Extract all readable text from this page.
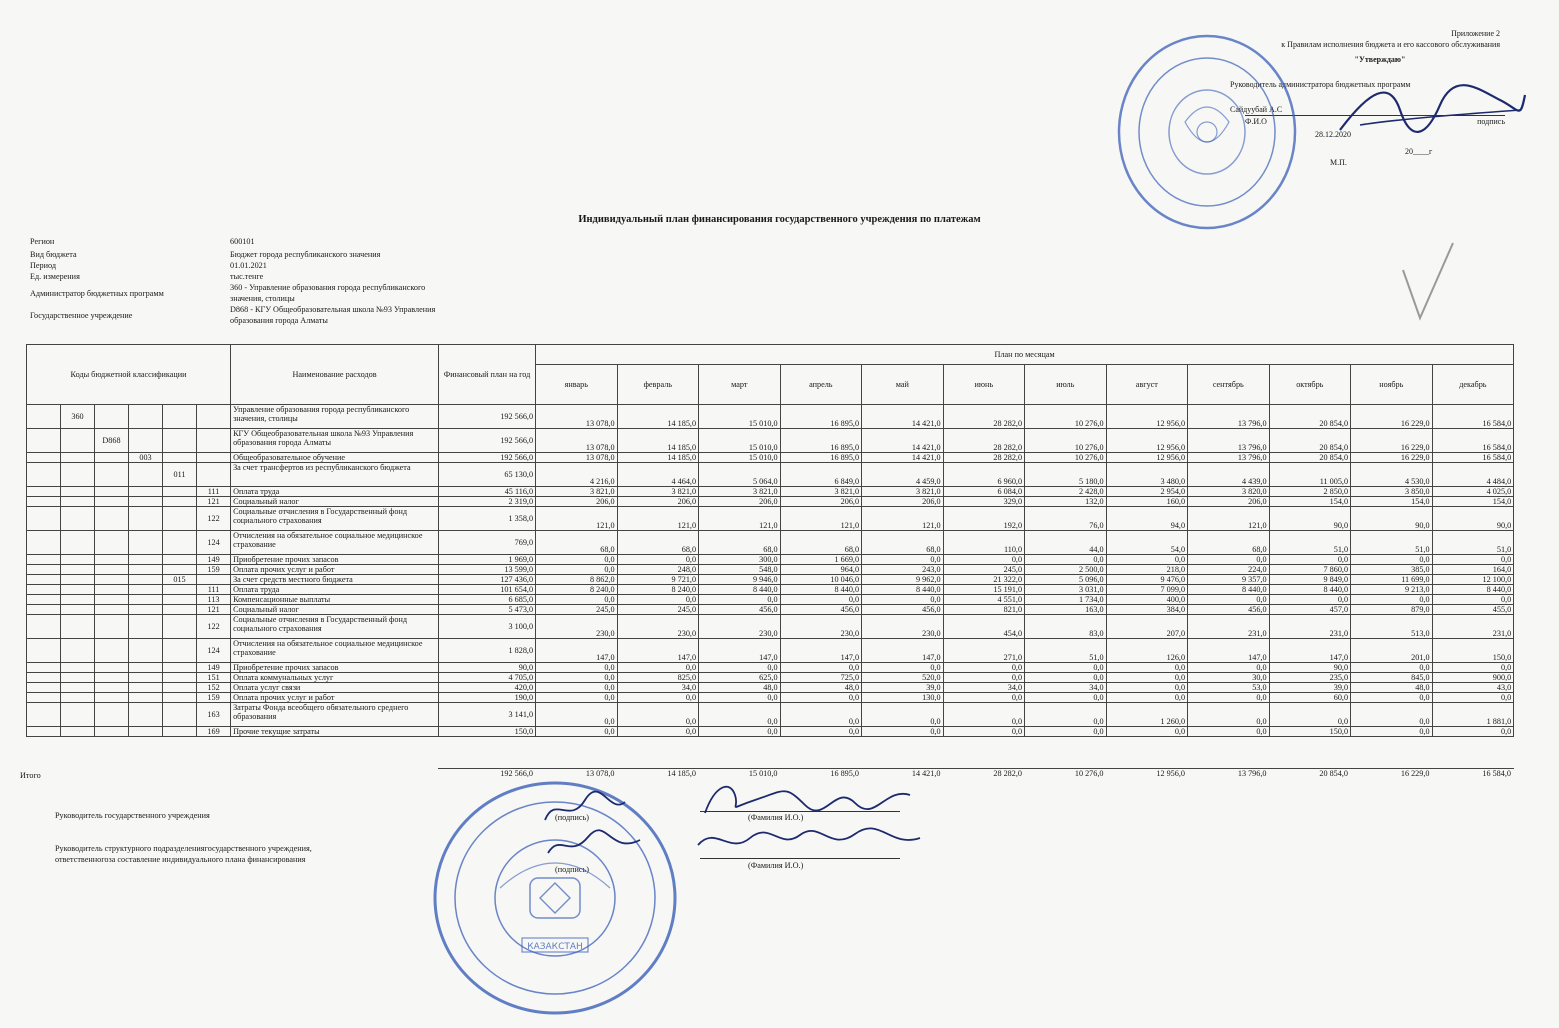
Приложение 2
к Правилам исполнения бюджета и его кассового обслуживания
"Утверждаю"
Руководитель администратора бюджетных программ
Сайдуубай А.С
Ф.И.О	подпись
28.12.2020
20____г
М.П.
Индивидуальный план финансирования государственного учреждения по платежам
Регион	600101
Вид бюджета	Бюджет города республиканского значения
Период	01.01.2021
Ед. измерения	тыс.тенге
Администратор бюджетных программ
360 - Управление образования города республиканского значения, столицы
Государственное учреждение
D868 - КГУ Общеобразовательная школа №93 Управления образования города Алматы
Коды бюджетной классификации						Наименование расходов	Финансовый план на год	План по месяцам											
								январь	февраль	март	апрель	май	июнь	июль	август	сентябрь	октябрь	ноябрь	декабрь
	360					Управление образования города республиканского значения, столицы	192 566,0	13 078,0	14 185,0	15 010,0	16 895,0	14 421,0	28 282,0	10 276,0	12 956,0	13 796,0	20 854,0	16 229,0	16 584,0
		D868				КГУ Общеобразовательная школа №93 Управления образования города Алматы	192 566,0	13 078,0	14 185,0	15 010,0	16 895,0	14 421,0	28 282,0	10 276,0	12 956,0	13 796,0	20 854,0	16 229,0	16 584,0
			003			Общеобразовательное обучение	192 566,0	13 078,0	14 185,0	15 010,0	16 895,0	14 421,0	28 282,0	10 276,0	12 956,0	13 796,0	20 854,0	16 229,0	16 584,0
				011		За счет трансфертов из республиканского бюджета	65 130,0	4 216,0	4 464,0	5 064,0	6 849,0	4 459,0	6 960,0	5 180,0	3 480,0	4 439,0	11 005,0	4 530,0	4 484,0
					111	Оплата труда	45 116,0	3 821,0	3 821,0	3 821,0	3 821,0	3 821,0	6 084,0	2 428,0	2 954,0	3 820,0	2 850,0	3 850,0	4 025,0
					121	Социальный налог	2 319,0	206,0	206,0	206,0	206,0	206,0	329,0	132,0	160,0	206,0	154,0	154,0	154,0
					122	Социальные отчисления в Государственный фонд социального страхования	1 358,0	121,0	121,0	121,0	121,0	121,0	192,0	76,0	94,0	121,0	90,0	90,0	90,0
					124	Отчисления на обязательное социальное медицинское страхование	769,0	68,0	68,0	68,0	68,0	68,0	110,0	44,0	54,0	68,0	51,0	51,0	51,0
					149	Приобретение прочих запасов	1 969,0	0,0	0,0	300,0	1 669,0	0,0	0,0	0,0	0,0	0,0	0,0	0,0	0,0
					159	Оплата прочих услуг и работ	13 599,0	0,0	248,0	548,0	964,0	243,0	245,0	2 500,0	218,0	224,0	7 860,0	385,0	164,0
				015		За счет средств местного бюджета	127 436,0	8 862,0	9 721,0	9 946,0	10 046,0	9 962,0	21 322,0	5 096,0	9 476,0	9 357,0	9 849,0	11 699,0	12 100,0
					111	Оплата труда	101 654,0	8 240,0	8 240,0	8 440,0	8 440,0	8 440,0	15 191,0	3 031,0	7 099,0	8 440,0	8 440,0	9 213,0	8 440,0
					113	Компенсационные выплаты	6 685,0	0,0	0,0	0,0	0,0	0,0	4 551,0	1 734,0	400,0	0,0	0,0	0,0	0,0
					121	Социальный налог	5 473,0	245,0	245,0	456,0	456,0	456,0	821,0	163,0	384,0	456,0	457,0	879,0	455,0
					122	Социальные отчисления в Государственный фонд социального страхования	3 100,0	230,0	230,0	230,0	230,0	230,0	454,0	83,0	207,0	231,0	231,0	513,0	231,0
					124	Отчисления на обязательное социальное медицинское страхование	1 828,0	147,0	147,0	147,0	147,0	147,0	271,0	51,0	126,0	147,0	147,0	201,0	150,0
					149	Приобретение прочих запасов	90,0	0,0	0,0	0,0	0,0	0,0	0,0	0,0	0,0	0,0	90,0	0,0	0,0
					151	Оплата коммунальных услуг	4 705,0	0,0	825,0	625,0	725,0	520,0	0,0	0,0	0,0	30,0	235,0	845,0	900,0
					152	Оплата услуг связи	420,0	0,0	34,0	48,0	48,0	39,0	34,0	34,0	0,0	53,0	39,0	48,0	43,0
					159	Оплата прочих услуг и работ	190,0	0,0	0,0	0,0	0,0	130,0	0,0	0,0	0,0	0,0	60,0	0,0	0,0
					163	Затраты Фонда всеобщего обязательного среднего образования	3 141,0	0,0	0,0	0,0	0,0	0,0	0,0	0,0	1 260,0	0,0	0,0	0,0	1 881,0
					169	Прочие текущие затраты	150,0	0,0	0,0	0,0	0,0	0,0	0,0	0,0	0,0	0,0	150,0	0,0	0,0
Итого	192 566,0	13 078,0	14 185,0	15 010,0	16 895,0	14 421,0	28 282,0	10 276,0	12 956,0	13 796,0	20 854,0	16 229,0	16 584,0
Руководитель государственного учреждения
Руководитель структурного подразделениягосударственного учреждения,
ответственногоза составление индивидуального плана финансирования
(подпись)	(Фамилия И.О.)
(подпись)	(Фамилия И.О.)
КАЗАКСТАН
